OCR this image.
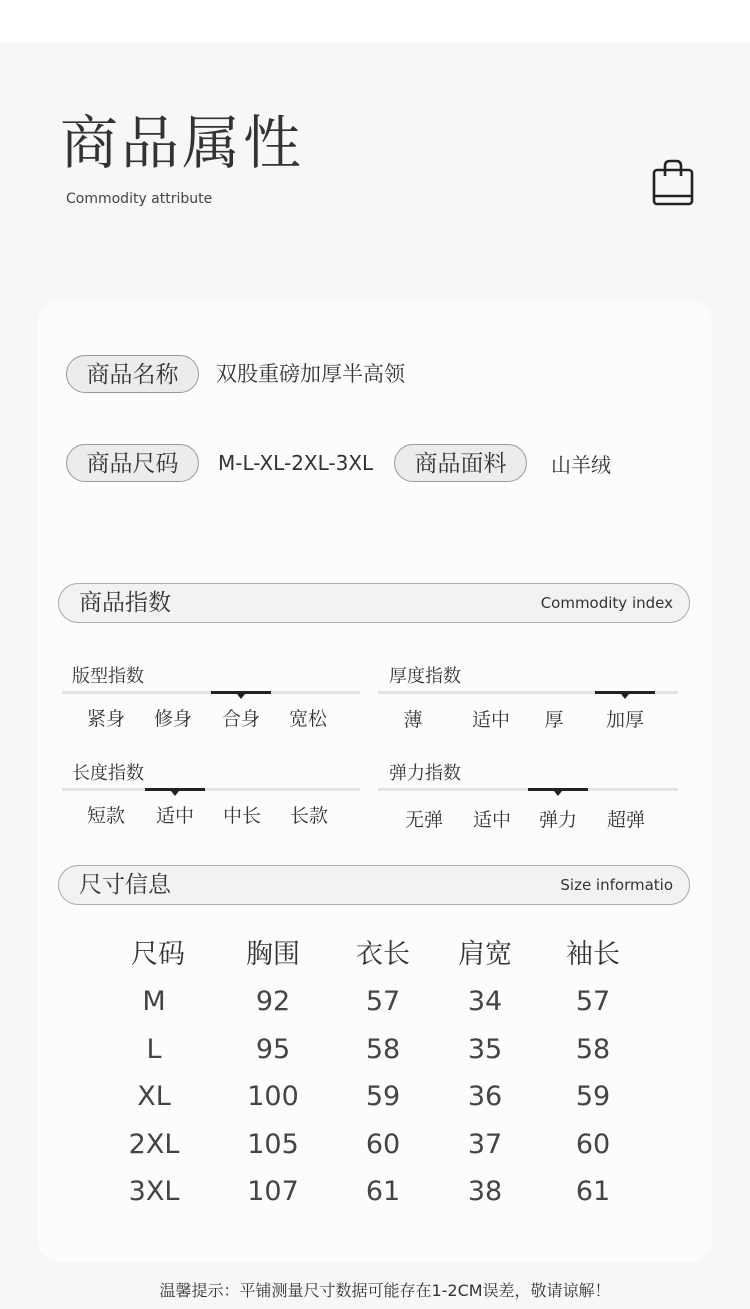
商品属性
Commodity attribute
商品名称	双股重磅加厚半高领
商品尺码	M-L-XL-2XL-3XL	商品面料	山羊绒
商品指数	Commodity index
版型指数
紧身	修身	合身	宽松
厚度指数
薄	适中	厚	加厚
长度指数
短款	适中	中长	长款
弹力指数
无弹	适中	弹力	超弹
尺寸信息	Size informatio
尺码	胸围	衣长	肩宽	袖长
M	92	57	34	57
L	95	58	35	58
XL	100	59	36	59
2XL	105	60	37	60
3XL	107	61	38	61
温馨提示：平铺测量尺寸数据可能存在1-2CM误差，敬请谅解！
